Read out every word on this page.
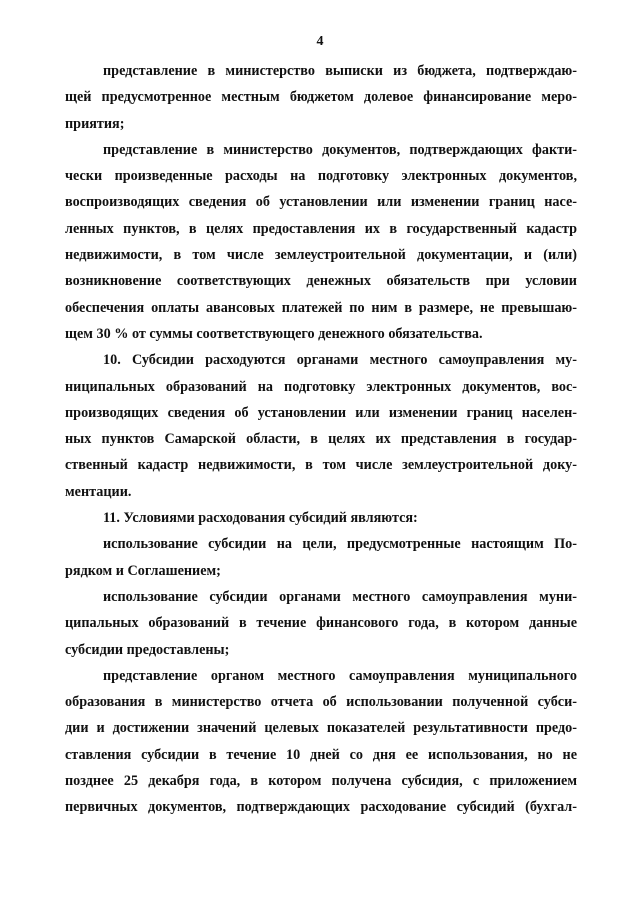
4
представление в министерство выписки из бюджета, подтверждаю-
щей предусмотренное местным бюджетом долевое финансирование меро-
приятия;
представление в министерство документов, подтверждающих факти-
чески произведенные расходы на подготовку электронных документов,
воспроизводящих сведения об установлении или изменении границ насе-
ленных пунктов, в целях предоставления их в государственный кадастр
недвижимости, в том числе землеустроительной документации, и (или)
возникновение соответствующих денежных обязательств при условии
обеспечения оплаты авансовых платежей по ним в размере, не превышаю-
щем 30 % от суммы соответствующего денежного обязательства.
10. Субсидии расходуются органами местного самоуправления му-
ниципальных образований на подготовку электронных документов, вос-
производящих сведения об установлении или изменении границ населен-
ных пунктов Самарской области, в целях их представления в государ-
ственный кадастр недвижимости, в том числе землеустроительной доку-
ментации.
11. Условиями расходования субсидий являются:
использование субсидии на цели, предусмотренные настоящим По-
рядком и Соглашением;
использование субсидии органами местного самоуправления муни-
ципальных образований в течение финансового года, в котором данные
субсидии предоставлены;
представление органом местного самоуправления муниципального
образования в министерство отчета об использовании полученной субси-
дии и достижении значений целевых показателей результативности предо-
ставления субсидии в течение 10 дней со дня ее использования, но не
позднее 25 декабря года, в котором получена субсидия, с приложением
первичных документов, подтверждающих расходование субсидий (бухгал-
